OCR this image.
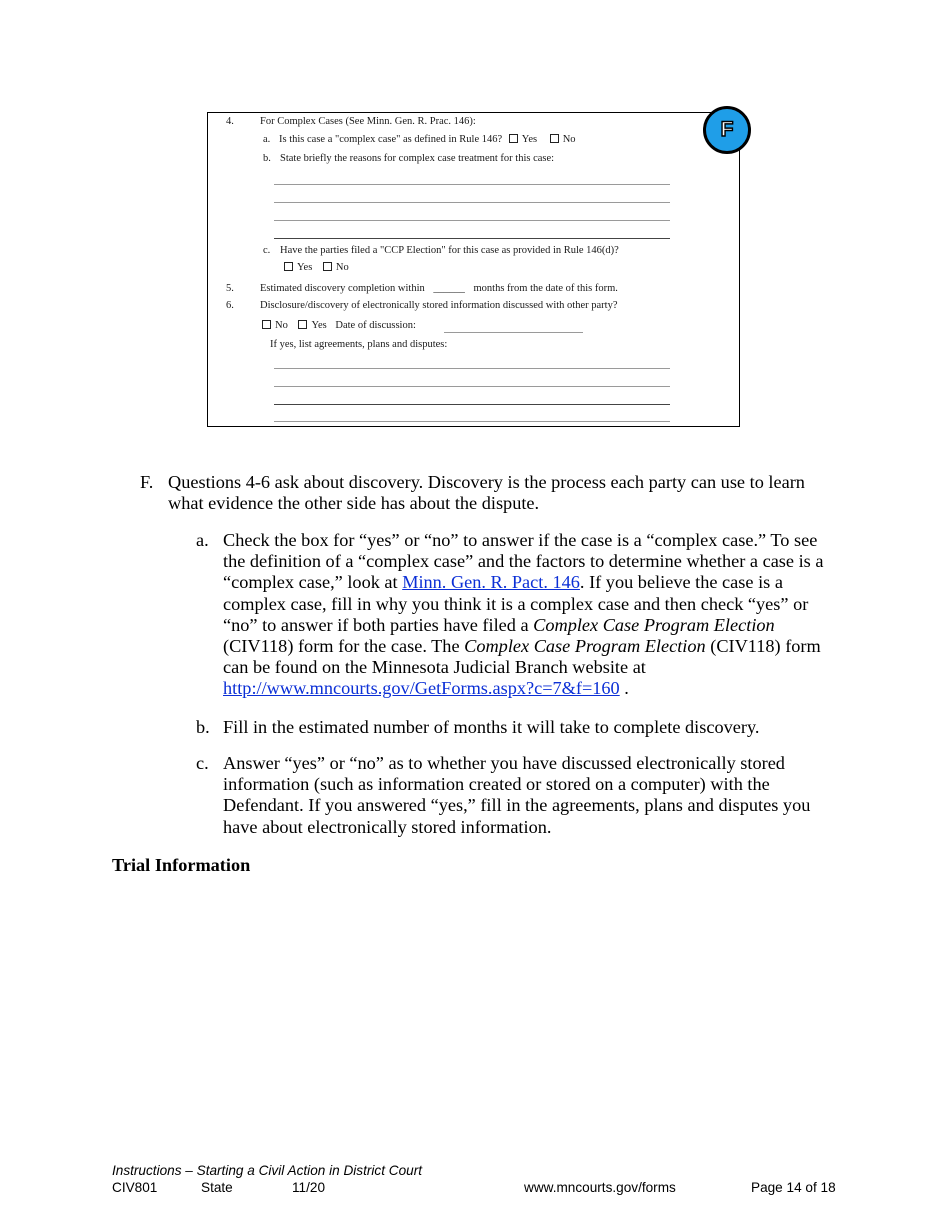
F
4. For Complex Cases (See Minn. Gen. R. Prac. 146):
a. Is this case a "complex case" as defined in Rule 146? Yes No
b. State briefly the reasons for complex case treatment for this case:
c. Have the parties filed a "CCP Election" for this case as provided in Rule 146(d)?
Yes No
5. Estimated discovery completion within ______ months from the date of this form.
6. Disclosure/discovery of electronically stored information discussed with other party?
No Yes Date of discussion:
If yes, list agreements, plans and disputes:
F. Questions 4-6 ask about discovery. Discovery is the process each party can use to learn what evidence the other side has about the dispute.
a. Check the box for “yes” or “no” to answer if the case is a “complex case.” To see the definition of a “complex case” and the factors to determine whether a case is a “complex case,” look at Minn. Gen. R. Pact. 146. If you believe the case is a complex case, fill in why you think it is a complex case and then check “yes” or “no” to answer if both parties have filed a Complex Case Program Election (CIV118) form for the case. The Complex Case Program Election (CIV118) form can be found on the Minnesota Judicial Branch website at http://www.mncourts.gov/GetForms.aspx?c=7&f=160 .
b. Fill in the estimated number of months it will take to complete discovery.
c. Answer “yes” or “no” as to whether you have discussed electronically stored information (such as information created or stored on a computer) with the Defendant. If you answered “yes,” fill in the agreements, plans and disputes you have about electronically stored information.
Trial Information
Instructions – Starting a Civil Action in District Court
CIV801	State	11/20	www.mncourts.gov/forms	Page 14 of 18
